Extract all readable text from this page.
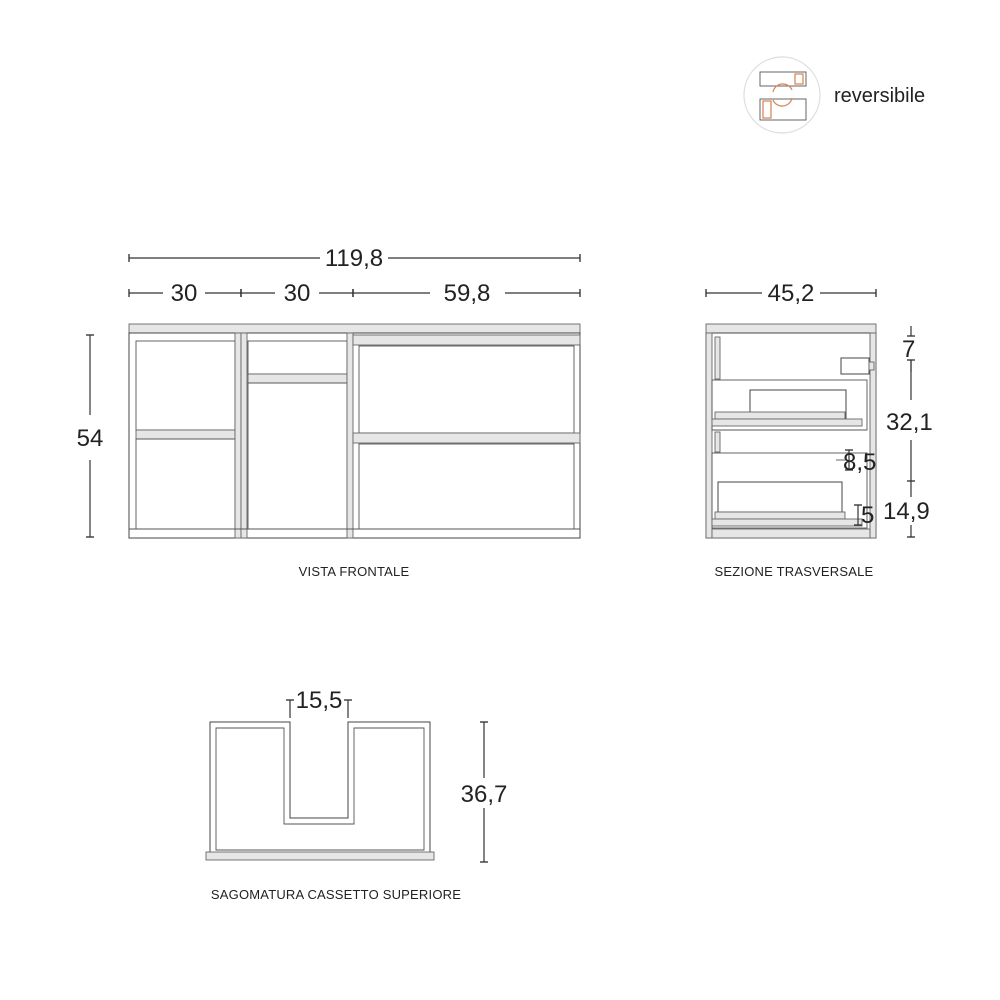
reversibile
119,8
30	30	59,8
54
VISTA FRONTALE
45,2
7
32,1
14,9
8,5
5
SEZIONE TRASVERSALE
15,5
36,7
SAGOMATURA CASSETTO SUPERIORE
